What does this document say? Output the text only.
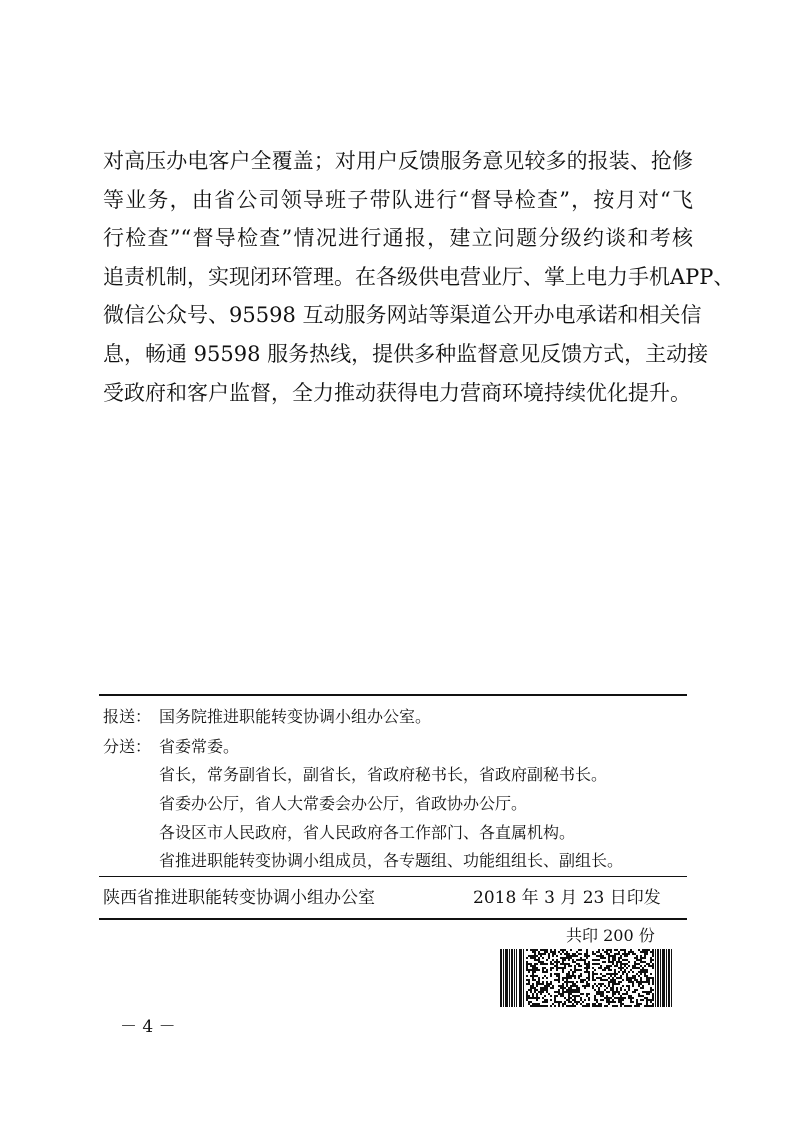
对高压办电客户全覆盖；对用户反馈服务意见较多的报装、抢修
等业务，由省公司领导班子带队进行“督导检查”，按月对“飞
行检查”“督导检查”情况进行通报，建立问题分级约谈和考核
追责机制，实现闭环管理。在各级供电营业厅、掌上电力手机APP、
微信公众号、95598 互动服务网站等渠道公开办电承诺和相关信
息，畅通 95598 服务热线，提供多种监督意见反馈方式，主动接
受政府和客户监督，全力推动获得电力营商环境持续优化提升。
报送： 国务院推进职能转变协调小组办公室。
分送： 省委常委。
省长，常务副省长，副省长，省政府秘书长，省政府副秘书长。
省委办公厅，省人大常委会办公厅，省政协办公厅。
各设区市人民政府，省人民政府各工作部门、各直属机构。
省推进职能转变协调小组成员，各专题组、功能组组长、副组长。
陕西省推进职能转变协调小组办公室	2018 年 3 月 23 日印发
共印 200 份
－ 4 －
